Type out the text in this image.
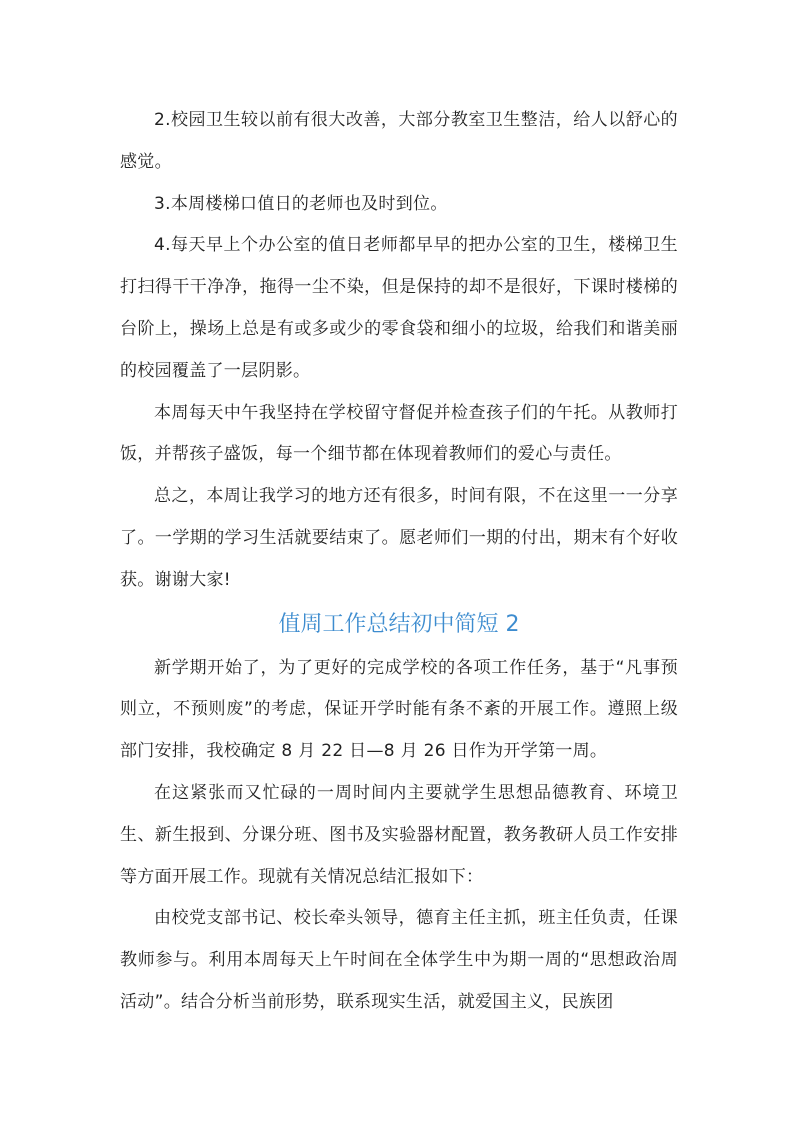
2.校园卫生较以前有很大改善，大部分教室卫生整洁，给人以舒心的感觉。

3.本周楼梯口值日的老师也及时到位。

4.每天早上个办公室的值日老师都早早的把办公室的卫生，楼梯卫生打扫得干干净净，拖得一尘不染，但是保持的却不是很好，下课时楼梯的台阶上，操场上总是有或多或少的零食袋和细小的垃圾，给我们和谐美丽的校园覆盖了一层阴影。

本周每天中午我坚持在学校留守督促并检查孩子们的午托。从教师打饭，并帮孩子盛饭，每一个细节都在体现着教师们的爱心与责任。

总之，本周让我学习的地方还有很多，时间有限，不在这里一一分享了。一学期的学习生活就要结束了。愿老师们一期的付出，期末有个好收获。谢谢大家!

值周工作总结初中简短 2

新学期开始了，为了更好的完成学校的各项工作任务，基于“凡事预则立，不预则废”的考虑，保证开学时能有条不紊的开展工作。遵照上级部门安排，我校确定 8 月 22 日—8 月 26 日作为开学第一周。

在这紧张而又忙碌的一周时间内主要就学生思想品德教育、环境卫生、新生报到、分课分班、图书及实验器材配置，教务教研人员工作安排等方面开展工作。现就有关情况总结汇报如下：

由校党支部书记、校长牵头领导，德育主任主抓，班主任负责，任课教师参与。利用本周每天上午时间在全体学生中为期一周的“思想政治周活动”。结合分析当前形势，联系现实生活，就爱国主义，民族团
